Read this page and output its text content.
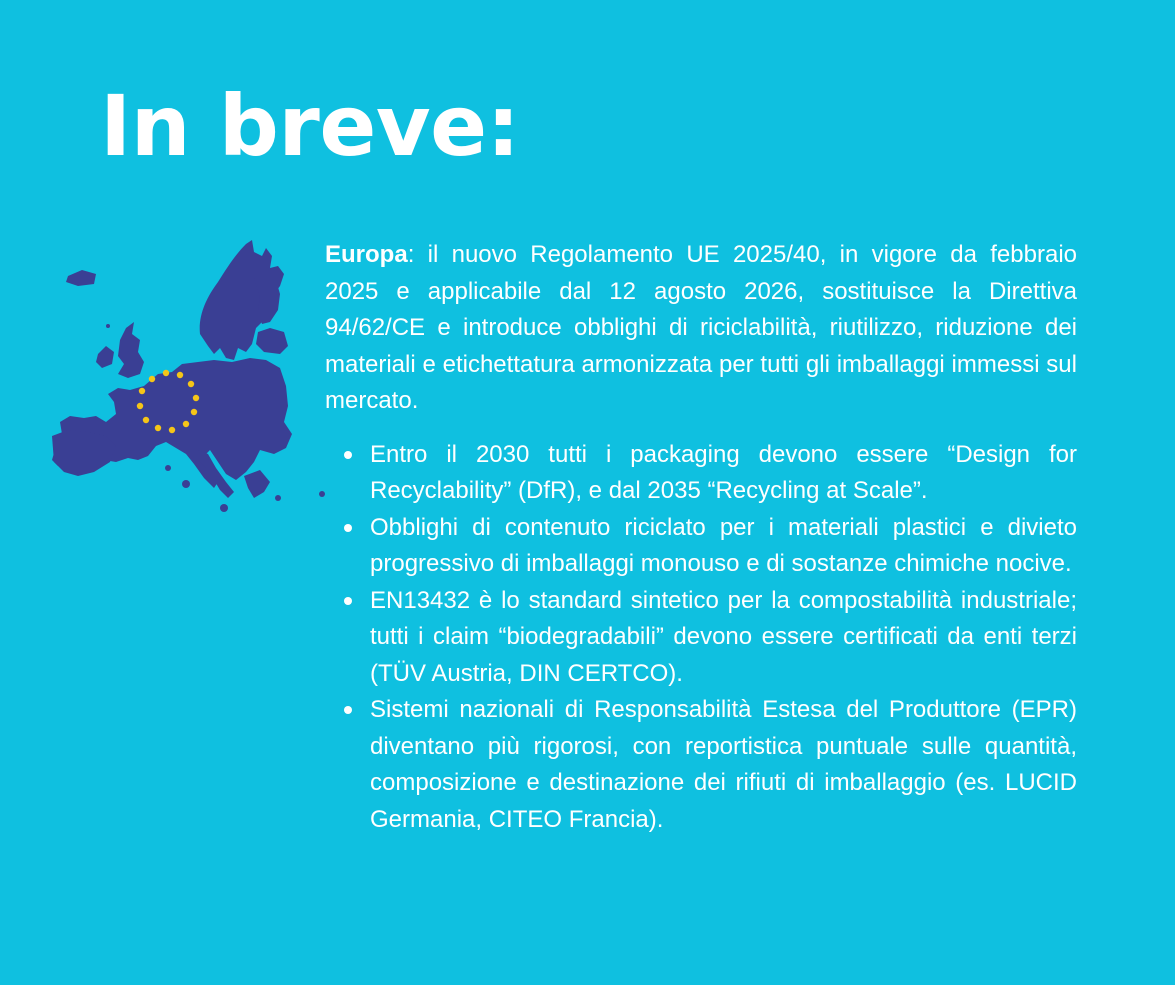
In breve:

Europa: il nuovo Regolamento UE 2025/40, in vigore da febbraio 2025 e applicabile dal 12 agosto 2026, sostituisce la Direttiva 94/62/CE e introduce obblighi di riciclabilità, riutilizzo, riduzione dei materiali e etichettatura armonizzata per tutti gli imballaggi immessi sul mercato.

Entro il 2030 tutti i packaging devono essere “Design for Recyclability” (DfR), e dal 2035 “Recycling at Scale”.
Obblighi di contenuto riciclato per i materiali plastici e divieto progressivo di imballaggi monouso e di sostanze chimiche nocive.
EN13432 è lo standard sintetico per la compostabilità industriale; tutti i claim “biodegradabili” devono essere certificati da enti terzi (TÜV Austria, DIN CERTCO).
Sistemi nazionali di Responsabilità Estesa del Produttore (EPR) diventano più rigorosi, con reportistica puntuale sulle quantità, composizione e destinazione dei rifiuti di imballaggio (es. LUCID Germania, CITEO Francia).
